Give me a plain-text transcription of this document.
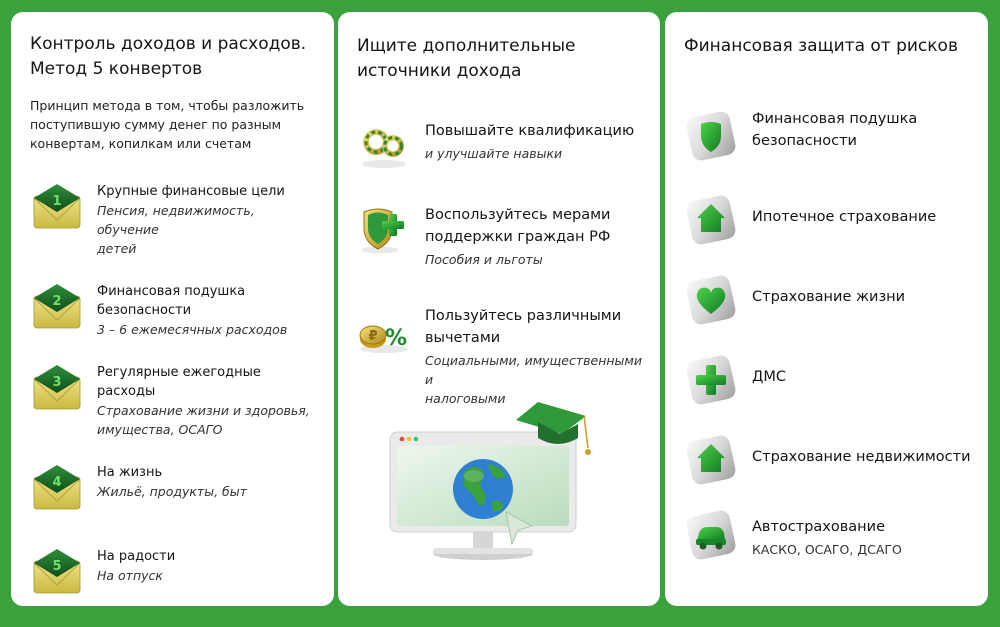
Контроль доходов и расходов.
Метод 5 конвертов
Принцип метода в том, чтобы разложить
поступившую сумму денег по разным
конвертам, копилкам или счетам
1
Крупные финансовые цели
Пенсия, недвижимость, обучение
детей
2
Финансовая подушка безопасности
3 – 6 ежемесячных расходов
3
Регулярные ежегодные расходы
Страхование жизни и здоровья,
имущества, ОСАГО
4
На жизнь
Жильё, продукты, быт
5
На радости
На отпуск
Ищите дополнительные
источники дохода
Повышайте квалификацию
и улучшайте навыки
Воспользуйтесь мерами
поддержки граждан РФ
Пособия и льготы
₽ %
Пользуйтесь различными
вычетами
Социальными, имущественными и
налоговыми
Финансовая защита от рисков
Финансовая подушка
безопасности
Ипотечное страхование
Страхование жизни
ДМС
Страхование недвижимости
Автострахование
КАСКО, ОСАГО, ДСАГО
